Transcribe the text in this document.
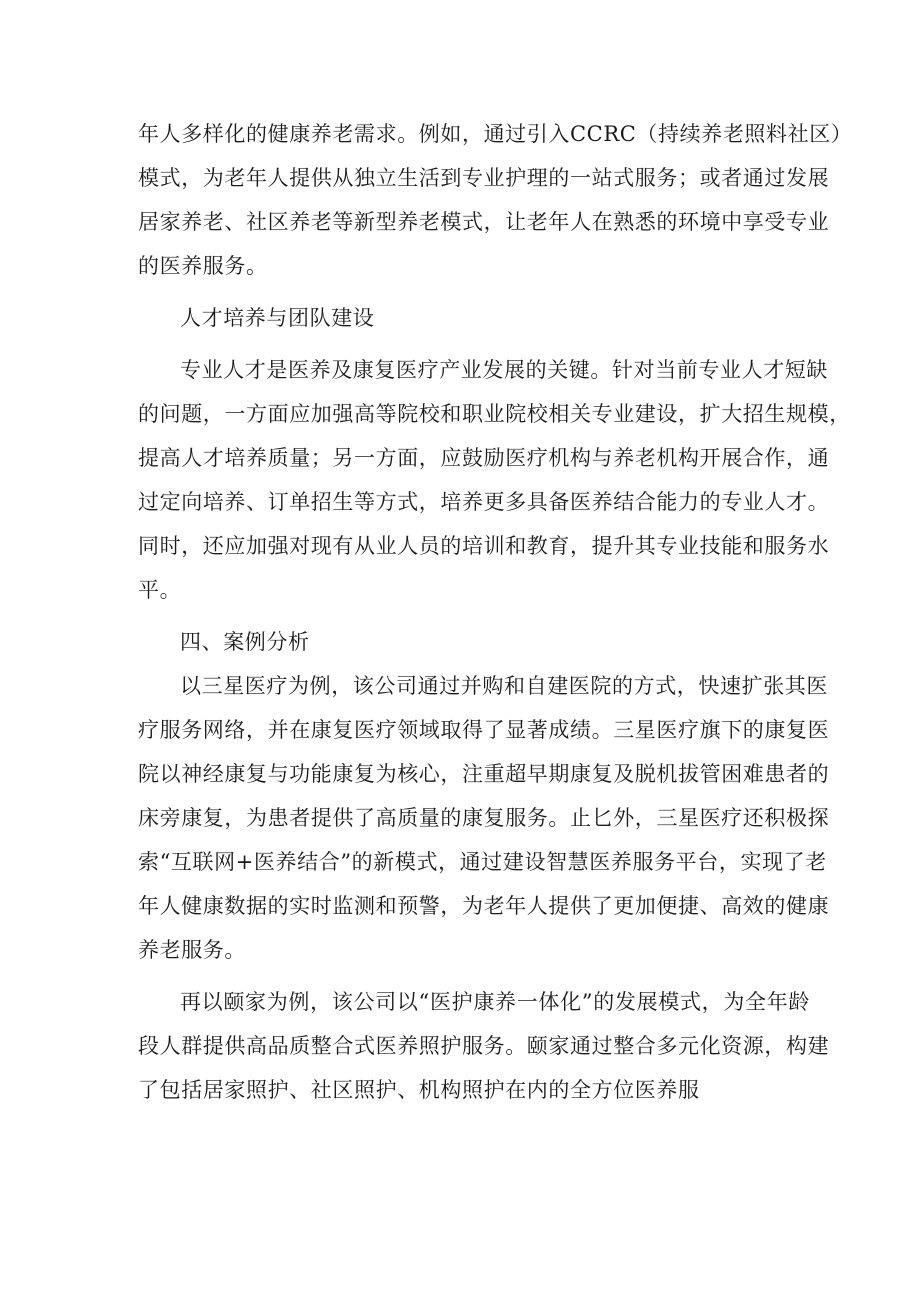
年人多样化的健康养老需求。例如，通过引入CCRC（持续养老照料社区）
模式，为老年人提供从独立生活到专业护理的一站式服务；或者通过发展
居家养老、社区养老等新型养老模式，让老年人在熟悉的环境中享受专业
的医养服务。
人才培养与团队建设
专业人才是医养及康复医疗产业发展的关键。针对当前专业人才短缺
的问题，一方面应加强高等院校和职业院校相关专业建设，扩大招生规模，
提高人才培养质量；另一方面，应鼓励医疗机构与养老机构开展合作，通
过定向培养、订单招生等方式，培养更多具备医养结合能力的专业人才。
同时，还应加强对现有从业人员的培训和教育，提升其专业技能和服务水
平。
四、案例分析
以三星医疗为例，该公司通过并购和自建医院的方式，快速扩张其医
疗服务网络，并在康复医疗领域取得了显著成绩。三星医疗旗下的康复医
院以神经康复与功能康复为核心，注重超早期康复及脱机拔管困难患者的
床旁康复，为患者提供了高质量的康复服务。止匕外，三星医疗还积极探
索“互联网+医养结合”的新模式，通过建设智慧医养服务平台，实现了老
年人健康数据的实时监测和预警，为老年人提供了更加便捷、高效的健康
养老服务。
再以颐家为例，该公司以“医护康养一体化”的发展模式，为全年龄
段人群提供高品质整合式医养照护服务。颐家通过整合多元化资源，构建
了包括居家照护、社区照护、机构照护在内的全方位医养服
